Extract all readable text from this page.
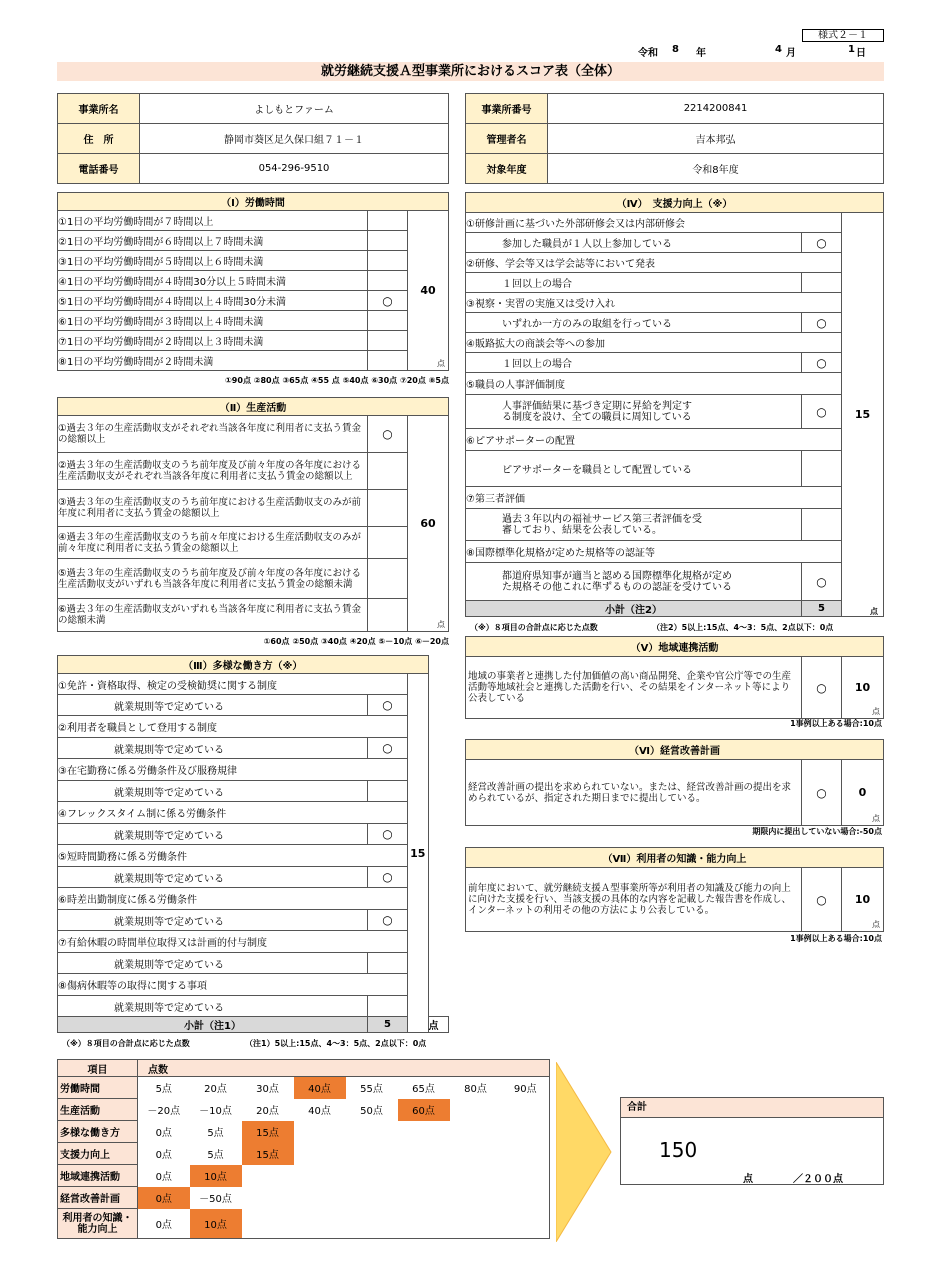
様式２－１
令和 8 年	4 月	1 日
就労継続支援Ａ型事業所におけるスコア表（全体）
事業所名	よしもとファーム
住　所	静岡市葵区足久保口組７１－１
電話番号	054-296-9510
事業所番号	2214200841
管理者名	吉本邦弘
対象年度	令和8年度
（Ⅰ）労働時間		
①1日の平均労働時間が７時間以上		40
点

②1日の平均労働時間が６時間以上７時間未満		
③1日の平均労働時間が５時間以上６時間未満		
④1日の平均労働時間が４時間30分以上５時間未満		
⑤1日の平均労働時間が４時間以上４時間30分未満	○	
⑥1日の平均労働時間が３時間以上４時間未満		
⑦1日の平均労働時間が２時間以上３時間未満		
⑧1日の平均労働時間が２時間未満		
①90点 ②80点 ③65点 ④55 点 ⑤40点 ⑥30点 ⑦20点 ⑧5点
（Ⅱ）生産活動		
①過去３年の生産活動収支がそれぞれ当該各年度に利用者に支払う賃金の総額以上	○	60
点

②過去３年の生産活動収支のうち前年度及び前々年度の各年度における生産活動収支がそれぞれ当該各年度に利用者に支払う賃金の総額以上		
③過去３年の生産活動収支のうち前年度における生産活動収支のみが前年度に利用者に支払う賃金の総額以上		
④過去３年の生産活動収支のうち前々年度における生産活動収支のみが前々年度に利用者に支払う賃金の総額以上		
⑤過去３年の生産活動収支のうち前年度及び前々年度の各年度における生産活動収支がいずれも当該各年度に利用者に支払う賃金の総額未満		
⑥過去３年の生産活動収支がいずれも当該各年度に利用者に支払う賃金の総額未満		
①60点 ②50点 ③40点 ④20点 ⑤－10点 ⑥－20点
（Ⅲ）多様な働き方（※）			
①免許・資格取得、検定の受検勧奨に関する制度		15	

就業規則等で定めている	○		
②利用者を職員として登用する制度			
就業規則等で定めている	○		
③在宅勤務に係る労働条件及び服務規律			
就業規則等で定めている			
④フレックスタイム制に係る労働条件			
就業規則等で定めている	○		
⑤短時間勤務に係る労働条件			
就業規則等で定めている	○		
⑥時差出勤制度に係る労働条件			
就業規則等で定めている	○		
⑦有給休暇の時間単位取得又は計画的付与制度			
就業規則等で定めている			
⑧傷病休暇等の取得に関する事項			
就業規則等で定めている			
小計（注1）	5		点
（※）８項目の合計点に応じた点数	（注1）5以上:15点、4～3：5点、2点以下：0点
（Ⅳ）　支援力向上（※）		
①研修計画に基づいた外部研修会又は内部研修会		15

参加した職員が１人以上参加している	○	
②研修、学会等又は学会誌等において発表		
１回以上の場合		
③視察・実習の実施又は受け入れ		
いずれか一方のみの取組を行っている	○	
④販路拡大の商談会等への参加		
１回以上の場合	○	
⑤職員の人事評価制度		
人事評価結果に基づき定期に昇給を判定する制度を設け、全ての職員に周知している	○	
⑥ピアサポーターの配置		
ピアサポーターを職員として配置している		
⑦第三者評価		
過去３年以内の福祉サービス第三者評価を受審しており、結果を公表している。		
⑧国際標準化規格が定めた規格等の認証等		
都道府県知事が適当と認める国際標準化規格が定めた規格その他これに準ずるものの認証を受けている	○	
小計（注2）	5		点
（※）８項目の合計点に応じた点数	（注2）5以上:15点、4～3：5点、2点以下：0点
（Ⅴ）地域連携活動
地域の事業者と連携した付加価値の高い商品開発、企業や官公庁等での生産活動等地域社会と連携した活動を行い、その結果をインターネット等により公表している	○	10
点
1事例以上ある場合:10点
（Ⅵ）経営改善計画
経営改善計画の提出を求められていない。または、経営改善計画の提出を求められているが、指定された期日までに提出している。	○	0
点
期限内に提出していない場合:-50点
（Ⅶ）利用者の知識・能力向上
前年度において、就労継続支援Ａ型事業所等が利用者の知識及び能力の向上に向けた支援を行い、当該支援の具体的な内容を記載した報告書を作成し、インターネットの利用その他の方法により公表している。	○	10
点
1事例以上ある場合:10点
項目	点数							
労働時間	5点	20点	30点	40点	55点	65点	80点	90点
生産活動	－20点	－10点	20点	40点	50点	60点		
多様な働き方	0点	5点	15点					
支援力向上	0点	5点	15点					
地域連携活動	0点	10点						
経営改善計画	0点	－50点						
利用者の知識・能力向上	0点	10点						
合計
150
点	／２００点
